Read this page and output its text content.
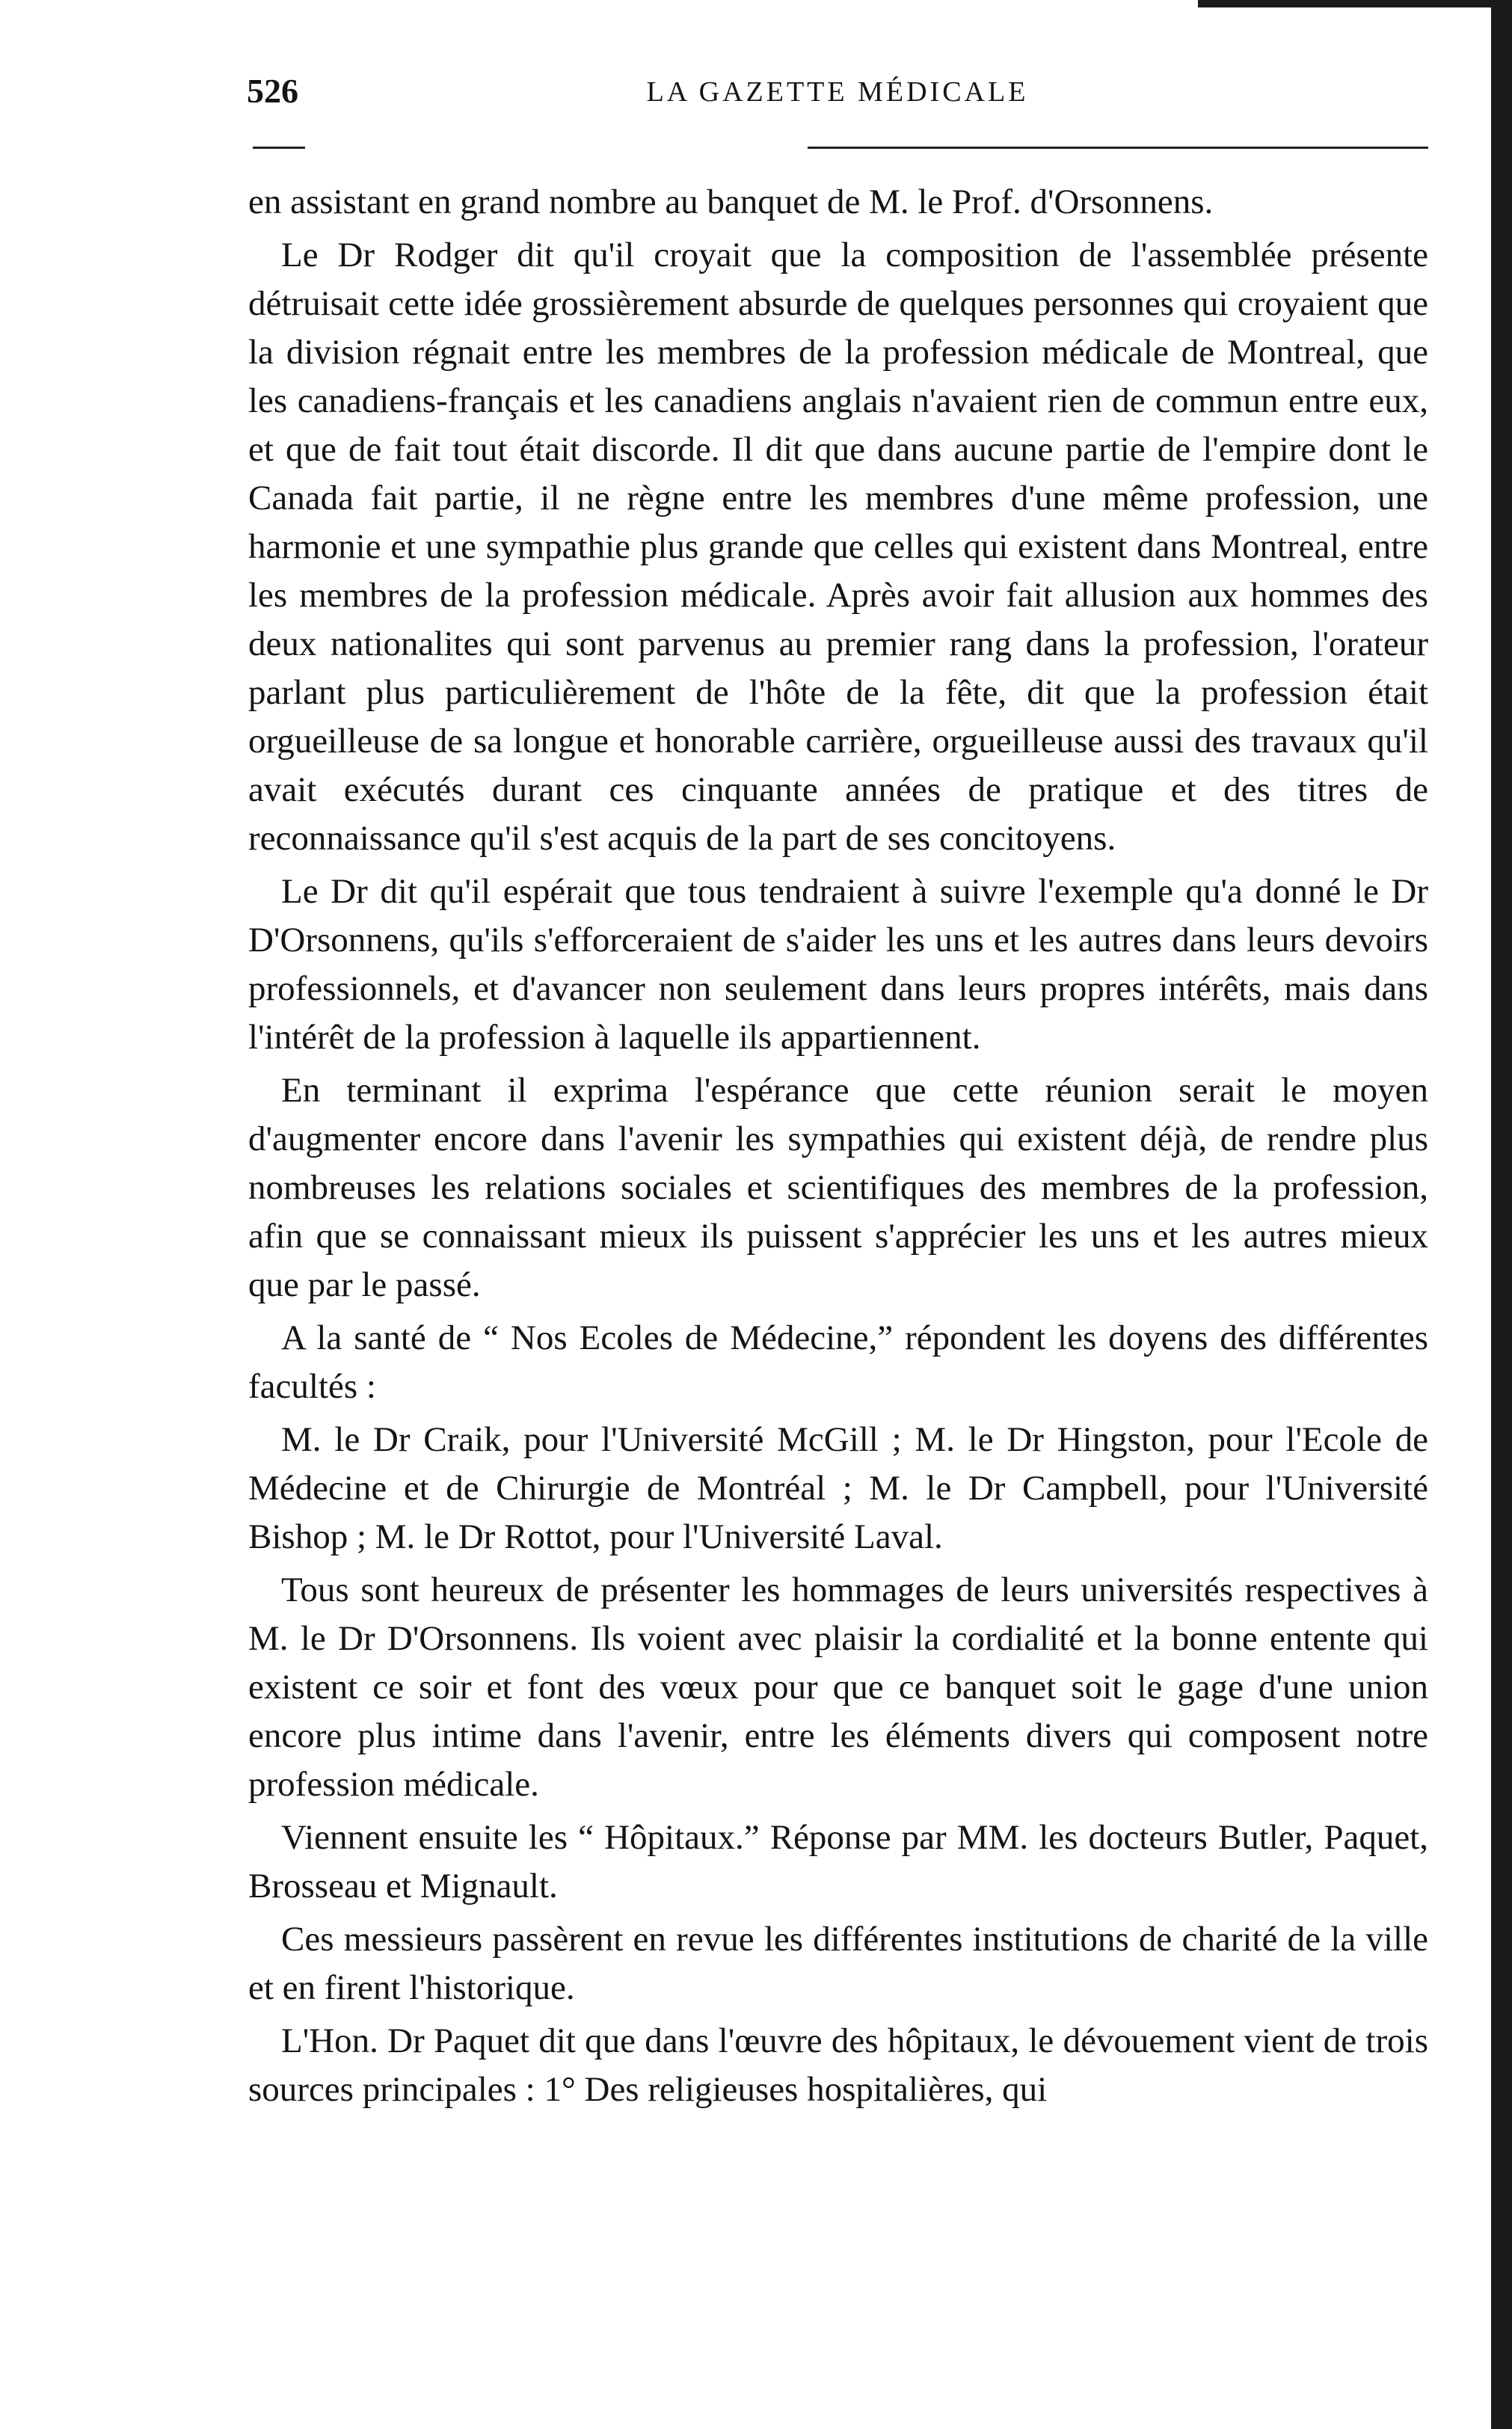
526	LA GAZETTE MÉDICALE

en assistant en grand nombre au banquet de M. le Prof. d'Orsonnens.

Le Dr Rodger dit qu'il croyait que la composition de l'assemblée présente détruisait cette idée grossièrement absurde de quelques personnes qui croyaient que la division régnait entre les membres de la profession médicale de Montreal, que les canadiens-français et les canadiens anglais n'avaient rien de commun entre eux, et que de fait tout était discorde. Il dit que dans aucune partie de l'empire dont le Canada fait partie, il ne règne entre les membres d'une même profession, une harmonie et une sympathie plus grande que celles qui existent dans Montreal, entre les membres de la profession médicale. Après avoir fait allusion aux hommes des deux nationalites qui sont parvenus au premier rang dans la profession, l'orateur parlant plus particulièrement de l'hôte de la fête, dit que la profession était orgueilleuse de sa longue et honorable carrière, orgueilleuse aussi des travaux qu'il avait exécutés durant ces cinquante années de pratique et des titres de reconnaissance qu'il s'est acquis de la part de ses concitoyens.

Le Dr dit qu'il espérait que tous tendraient à suivre l'exemple qu'a donné le Dr D'Orsonnens, qu'ils s'efforceraient de s'aider les uns et les autres dans leurs devoirs professionnels, et d'avancer non seulement dans leurs propres intérêts, mais dans l'intérêt de la profession à laquelle ils appartiennent.

En terminant il exprima l'espérance que cette réunion serait le moyen d'augmenter encore dans l'avenir les sympathies qui existent déjà, de rendre plus nombreuses les relations sociales et scientifiques des membres de la profession, afin que se connaissant mieux ils puissent s'apprécier les uns et les autres mieux que par le passé.

A la santé de “ Nos Ecoles de Médecine,” répondent les doyens des différentes facultés :

M. le Dr Craik, pour l'Université McGill ; M. le Dr Hingston, pour l'Ecole de Médecine et de Chirurgie de Montréal ; M. le Dr Campbell, pour l'Université Bishop ; M. le Dr Rottot, pour l'Université Laval.

Tous sont heureux de présenter les hommages de leurs universités respectives à M. le Dr D'Orsonnens. Ils voient avec plaisir la cordialité et la bonne entente qui existent ce soir et font des vœux pour que ce banquet soit le gage d'une union encore plus intime dans l'avenir, entre les éléments divers qui composent notre profession médicale.

Viennent ensuite les “ Hôpitaux.” Réponse par MM. les docteurs Butler, Paquet, Brosseau et Mignault.

Ces messieurs passèrent en revue les différentes institutions de charité de la ville et en firent l'historique.

L'Hon. Dr Paquet dit que dans l'œuvre des hôpitaux, le dévouement vient de trois sources principales : 1° Des religieuses hospitalières, qui
